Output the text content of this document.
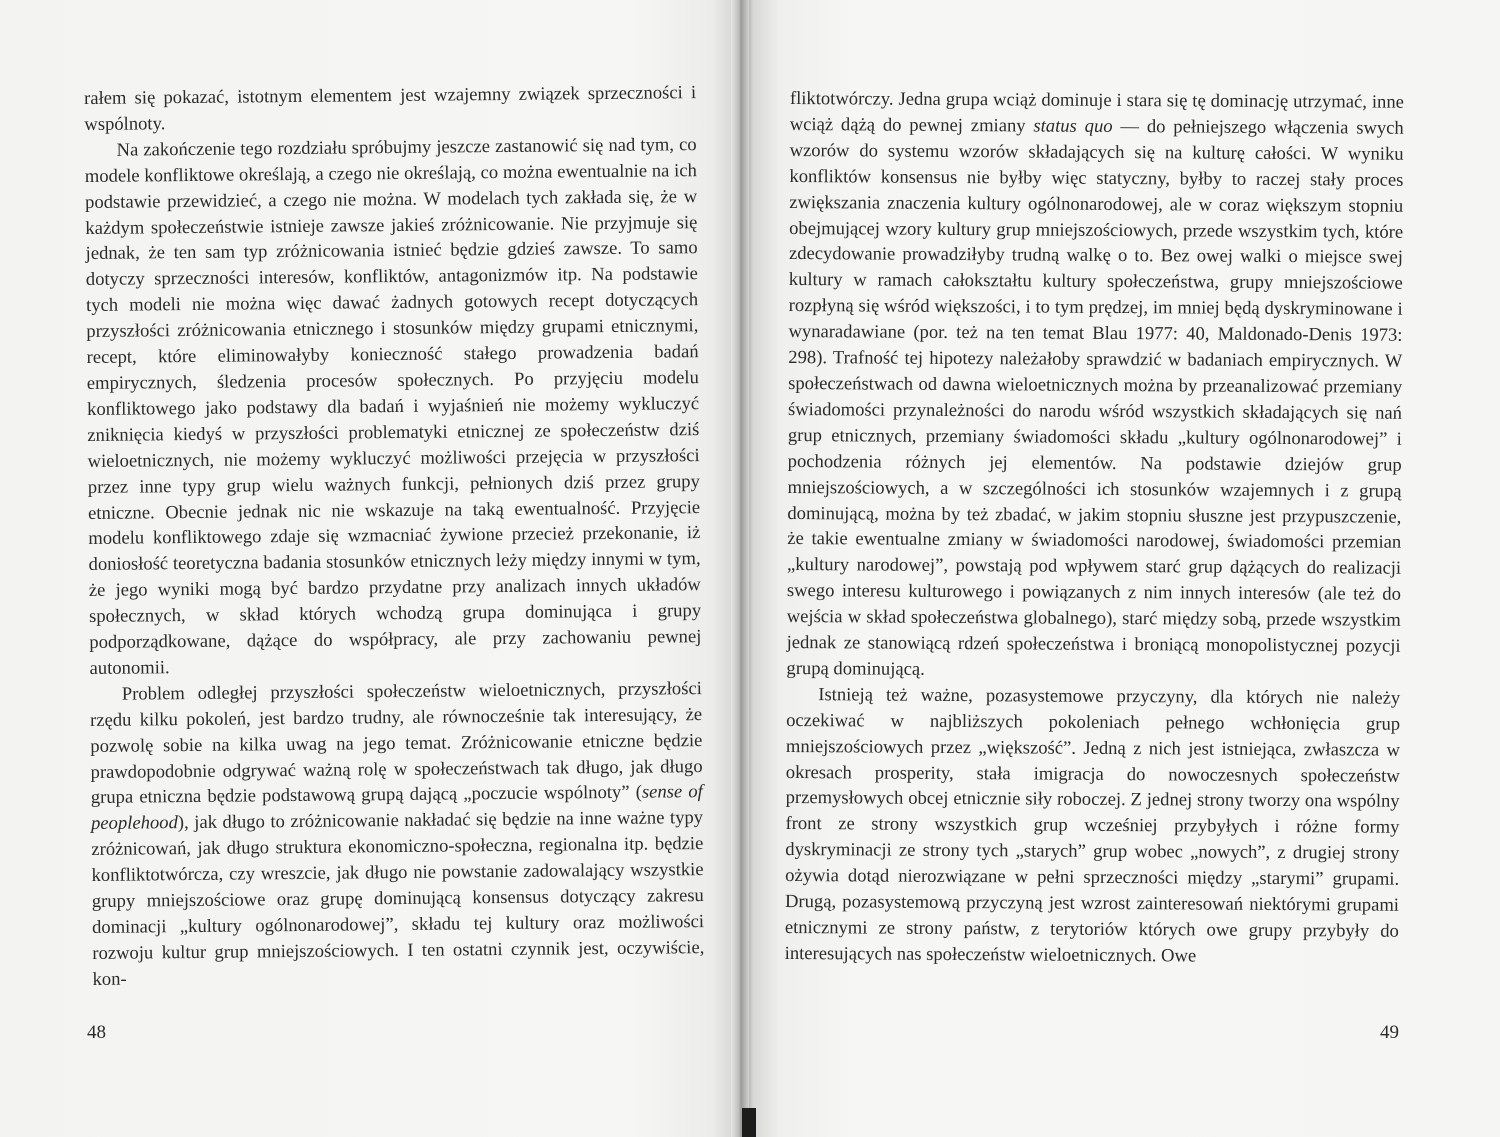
rałem się pokazać, istotnym elementem jest wzajemny związek sprzeczności i wspólnoty.

Na zakończenie tego rozdziału spróbujmy jeszcze zastanowić się nad tym, co modele konfliktowe określają, a czego nie określają, co można ewentualnie na ich podstawie przewidzieć, a czego nie można. W modelach tych zakłada się, że w każdym społeczeństwie istnieje zawsze jakieś zróżnicowanie. Nie przyjmuje się jednak, że ten sam typ zróżnicowania istnieć będzie gdzieś zawsze. To samo dotyczy sprzeczności interesów, konfliktów, antagonizmów itp. Na podstawie tych modeli nie można więc dawać żadnych gotowych recept dotyczących przyszłości zróżnicowania etnicznego i stosunków między grupami etnicznymi, recept, które eliminowałyby konieczność stałego prowadzenia badań empirycznych, śledzenia procesów społecznych. Po przyjęciu modelu konfliktowego jako podstawy dla badań i wyjaśnień nie możemy wykluczyć zniknięcia kiedyś w przyszłości problematyki etnicznej ze społeczeństw dziś wieloetnicznych, nie możemy wykluczyć możliwości przejęcia w przyszłości przez inne typy grup wielu ważnych funkcji, pełnionych dziś przez grupy etniczne. Obecnie jednak nic nie wskazuje na taką ewentualność. Przyjęcie modelu konfliktowego zdaje się wzmacniać żywione przecież przekonanie, iż doniosłość teoretyczna badania stosunków etnicznych leży między innymi w tym, że jego wyniki mogą być bardzo przydatne przy analizach innych układów społecznych, w skład których wchodzą grupa dominująca i grupy podporządkowane, dążące do współpracy, ale przy zachowaniu pewnej autonomii.

Problem odległej przyszłości społeczeństw wieloetnicznych, przyszłości rzędu kilku pokoleń, jest bardzo trudny, ale równocześnie tak interesujący, że pozwolę sobie na kilka uwag na jego temat. Zróżnicowanie etniczne będzie prawdopodobnie odgrywać ważną rolę w społeczeństwach tak długo, jak długo grupa etniczna będzie podstawową grupą dającą „poczucie wspólnoty” (sense of peoplehood), jak długo to zróżnicowanie nakładać się będzie na inne ważne typy zróżnicowań, jak długo struktura ekonomiczno-społeczna, regionalna itp. będzie konfliktotwórcza, czy wreszcie, jak długo nie powstanie zadowalający wszystkie grupy mniejszościowe oraz grupę dominującą konsensus dotyczący zakresu dominacji „kultury ogólnonarodowej”, składu tej kultury oraz możliwości rozwoju kultur grup mniejszościowych. I ten ostatni czynnik jest, oczywiście, kon-

48

fliktotwórczy. Jedna grupa wciąż dominuje i stara się tę dominację utrzymać, inne wciąż dążą do pewnej zmiany status quo — do pełniejszego włączenia swych wzorów do systemu wzorów składających się na kulturę całości. W wyniku konfliktów konsensus nie byłby więc statyczny, byłby to raczej stały proces zwiększania znaczenia kultury ogólnonarodowej, ale w coraz większym stopniu obejmującej wzory kultury grup mniejszościowych, przede wszystkim tych, które zdecydowanie prowadziłyby trudną walkę o to. Bez owej walki o miejsce swej kultury w ramach całokształtu kultury społeczeństwa, grupy mniejszościowe rozpłyną się wśród większości, i to tym prędzej, im mniej będą dyskryminowane i wynaradawiane (por. też na ten temat Blau 1977: 40, Maldonado-Denis 1973: 298). Trafność tej hipotezy należałoby sprawdzić w badaniach empirycznych. W społeczeństwach od dawna wieloetnicznych można by przeanalizować przemiany świadomości przynależności do narodu wśród wszystkich składających się nań grup etnicznych, przemiany świadomości składu „kultury ogólnonarodowej” i pochodzenia różnych jej elementów. Na podstawie dziejów grup mniejszościowych, a w szczególności ich stosunków wzajemnych i z grupą dominującą, można by też zbadać, w jakim stopniu słuszne jest przypuszczenie, że takie ewentualne zmiany w świadomości narodowej, świadomości przemian „kultury narodowej”, powstają pod wpływem starć grup dążących do realizacji swego interesu kulturowego i powiązanych z nim innych interesów (ale też do wejścia w skład społeczeństwa globalnego), starć między sobą, przede wszystkim jednak ze stanowiącą rdzeń społeczeństwa i broniącą monopolistycznej pozycji grupą dominującą.

Istnieją też ważne, pozasystemowe przyczyny, dla których nie należy oczekiwać w najbliższych pokoleniach pełnego wchłonięcia grup mniejszościowych przez „większość”. Jedną z nich jest istniejąca, zwłaszcza w okresach prosperity, stała imigracja do nowoczesnych społeczeństw przemysłowych obcej etnicznie siły roboczej. Z jednej strony tworzy ona wspólny front ze strony wszystkich grup wcześniej przybyłych i różne formy dyskryminacji ze strony tych „starych” grup wobec „nowych”, z drugiej strony ożywia dotąd nierozwiązane w pełni sprzeczności między „starymi” grupami. Drugą, pozasystemową przyczyną jest wzrost zainteresowań niektórymi grupami etnicznymi ze strony państw, z terytoriów których owe grupy przybyły do interesujących nas społeczeństw wieloetnicznych. Owe

49
